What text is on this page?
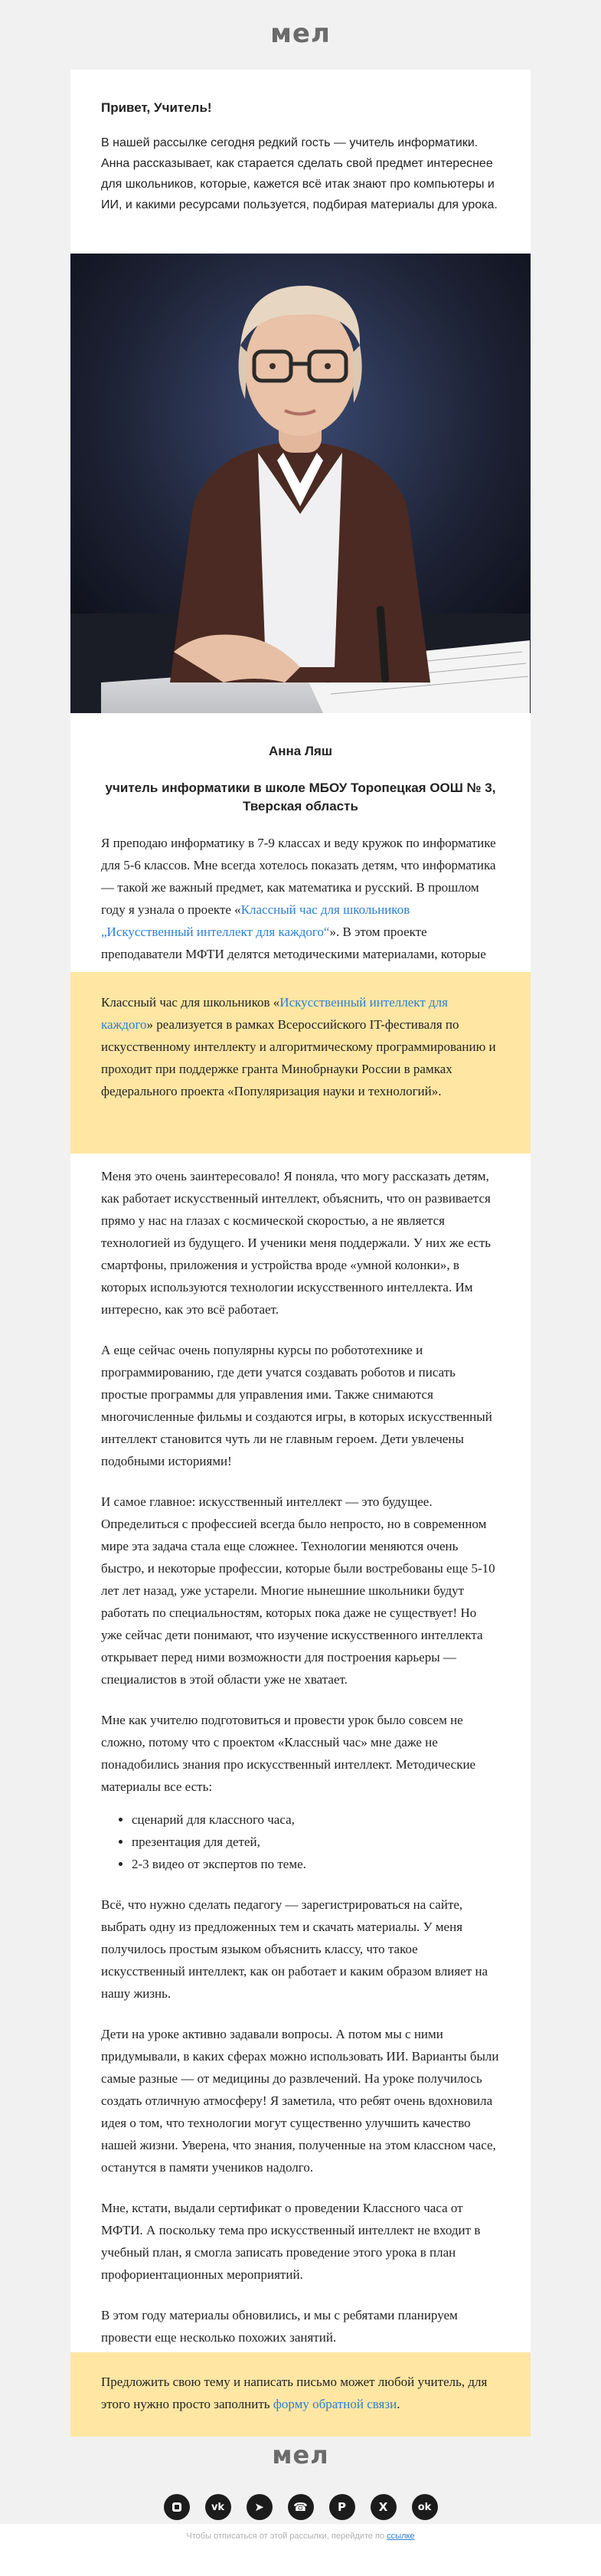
мел
Привет, Учитель!
В нашей рассылке сегодня редкий гость — учитель информатики. Анна рассказывает, как старается сделать свой предмет интереснее для школьников, которые, кажется всё итак знают про компьютеры и ИИ, и какими ресурсами пользуется, подбирая материалы для урока.
Анна Ляш
учитель информатики в школе МБОУ Торопецкая ООШ № 3, Тверская область
Я преподаю информатику в 7-9 классах и веду кружок по информатике для 5-6 классов. Мне всегда хотелось показать детям, что информатика — такой же важный предмет, как математика и русский. В прошлом году я узнала о проекте «Классный час для школьников „Искусственный интеллект для каждого“». В этом проекте преподаватели МФТИ делятся методическими материалами, которые
Классный час для школьников «Искусственный интеллект для каждого» реализуется в рамках Всероссийского IT-фестиваля по искусственному интеллекту и алгоритмическому программированию и проходит при поддержке гранта Минобрнауки России в рамках федерального проекта «Популяризация науки и технологий».

Меня это очень заинтересовало! Я поняла, что могу рассказать детям, как работает искусственный интеллект, объяснить, что он развивается прямо у нас на глазах с космической скоростью, а не является технологией из будущего. И ученики меня поддержали. У них же есть смартфоны, приложения и устройства вроде «умной колонки», в которых используются технологии искусственного интеллекта. Им интересно, как это всё работает.

А еще сейчас очень популярны курсы по робототехнике и программированию, где дети учатся создавать роботов и писать простые программы для управления ими. Также снимаются многочисленные фильмы и создаются игры, в которых искусственный интеллект становится чуть ли не главным героем. Дети увлечены подобными историями!

И самое главное: искусственный интеллект — это будущее. Определиться с профессией всегда было непросто, но в современном мире эта задача стала еще сложнее. Технологии меняются очень быстро, и некоторые профессии, которые были востребованы еще 5-10 лет лет назад, уже устарели. Многие нынешние школьники будут работать по специальностям, которых пока даже не существует! Но уже сейчас дети понимают, что изучение искусственного интеллекта открывает перед ними возможности для построения карьеры — специалистов в этой области уже не хватает.

Мне как учителю подготовиться и провести урок было совсем не сложно, потому что с проектом «Классный час» мне даже не понадобились знания про искусственный интеллект. Методические материалы все есть:

• сценарий для классного часа,
• презентация для детей,
• 2-3 видео от экспертов по теме.

Всё, что нужно сделать педагогу — зарегистрироваться на сайте, выбрать одну из предложенных тем и скачать материалы. У меня получилось простым языком объяснить классу, что такое искусственный интеллект, как он работает и каким образом влияет на нашу жизнь.

Дети на уроке активно задавали вопросы. А потом мы с ними придумывали, в каких сферах можно использовать ИИ. Варианты были самые разные — от медицины до развлечений. На уроке получилось создать отличную атмосферу! Я заметила, что ребят очень вдохновила идея о том, что технологии могут существенно улучшить качество нашей жизни. Уверена, что знания, полученные на этом классном часе, останутся в памяти учеников надолго.

Мне, кстати, выдали сертификат о проведении Классного часа от МФТИ. А поскольку тема про искусственный интеллект не входит в учебный план, я смогла записать проведение этого урока в план профориентационных мероприятий.

В этом году материалы обновились, и мы с ребятами планируем провести еще несколько похожих занятий.

Предложить свою тему и написать письмо может любой учитель, для этого нужно просто заполнить форму обратной связи.
мел
vk	➤	☎	P	X	ok
Чтобы отписаться от этой рассылки, перейдите по ссылке
